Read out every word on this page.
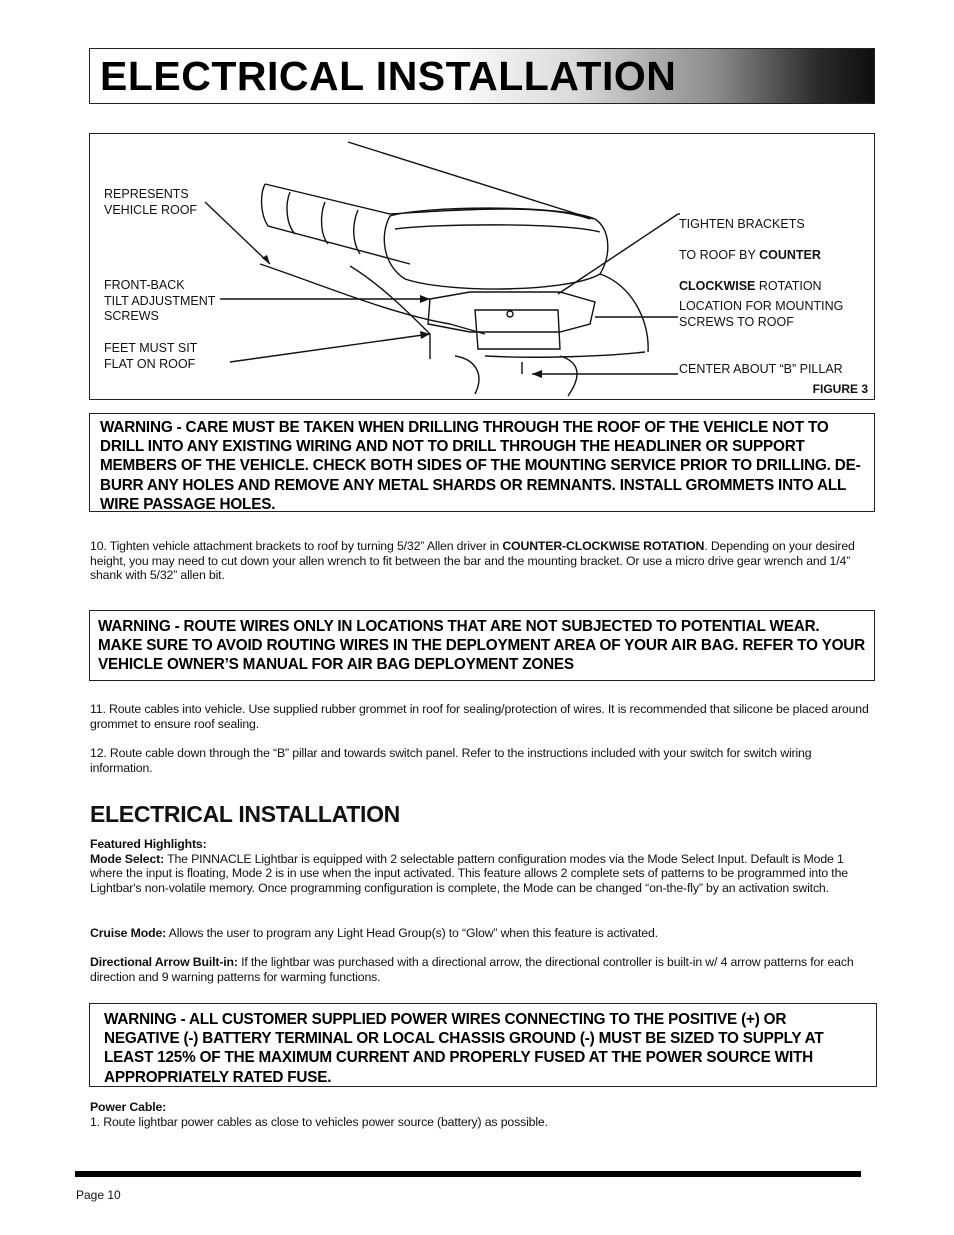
ELECTRICAL INSTALLATION
REPRESENTS
VEHICLE ROOF
FRONT-BACK
TILT ADJUSTMENT
SCREWS
FEET MUST SIT
FLAT ON ROOF

TIGHTEN BRACKETS

TO ROOF BY COUNTER

CLOCKWISE ROTATION

LOCATION FOR MOUNTING
SCREWS TO ROOF
CENTER ABOUT “B” PILLAR
FIGURE 3

WARNING - CARE MUST BE TAKEN WHEN DRILLING THROUGH THE ROOF OF THE VEHICLE NOT TO DRILL INTO ANY EXISTING WIRING AND NOT TO DRILL THROUGH THE HEADLINER OR SUPPORT MEMBERS OF THE VEHICLE. CHECK BOTH SIDES OF THE MOUNTING SERVICE PRIOR TO DRILLING. DE-BURR ANY HOLES AND REMOVE ANY METAL SHARDS OR REMNANTS. INSTALL GROMMETS INTO ALL WIRE PASSAGE HOLES.

10. Tighten vehicle attachment brackets to roof by turning 5/32” Allen driver in COUNTER-CLOCKWISE ROTATION. Depending on your desired height, you may need to cut down your allen wrench to fit between the bar and the mounting bracket. Or use a micro drive gear wrench and 1/4” shank with 5/32” allen bit.

WARNING - ROUTE WIRES ONLY IN LOCATIONS THAT ARE NOT SUBJECTED TO POTENTIAL WEAR. MAKE SURE TO AVOID ROUTING WIRES IN THE DEPLOYMENT AREA OF YOUR AIR BAG. REFER TO YOUR VEHICLE OWNER’S MANUAL FOR AIR BAG DEPLOYMENT ZONES

11. Route cables into vehicle. Use supplied rubber grommet in roof for sealing/protection of wires. It is recommended that silicone be placed around grommet to ensure roof sealing.
12. Route cable down through the “B” pillar and towards switch panel. Refer to the instructions included with your switch for switch wiring information.
ELECTRICAL INSTALLATION
Featured Highlights:
Mode Select: The PINNACLE Lightbar is equipped with 2 selectable pattern configuration modes via the Mode Select Input. Default is Mode 1 where the input is floating, Mode 2 is in use when the input activated. This feature allows 2 complete sets of patterns to be programmed into the Lightbar's non-volatile memory. Once programming configuration is complete, the Mode can be changed “on-the-fly” by an activation switch.
Cruise Mode: Allows the user to program any Light Head Group(s) to “Glow” when this feature is activated.
Directional Arrow Built-in: If the lightbar was purchased with a directional arrow, the directional controller is built-in w/ 4 arrow patterns for each direction and 9 warning patterns for warming functions.

WARNING - ALL CUSTOMER SUPPLIED POWER WIRES CONNECTING TO THE POSITIVE (+) OR NEGATIVE (-) BATTERY TERMINAL OR LOCAL CHASSIS GROUND (-) MUST BE SIZED TO SUPPLY AT LEAST 125% OF THE MAXIMUM CURRENT AND PROPERLY FUSED AT THE POWER SOURCE WITH APPROPRIATELY RATED FUSE.

Power Cable:
1. Route lightbar power cables as close to vehicles power source (battery) as possible.
Page 10
